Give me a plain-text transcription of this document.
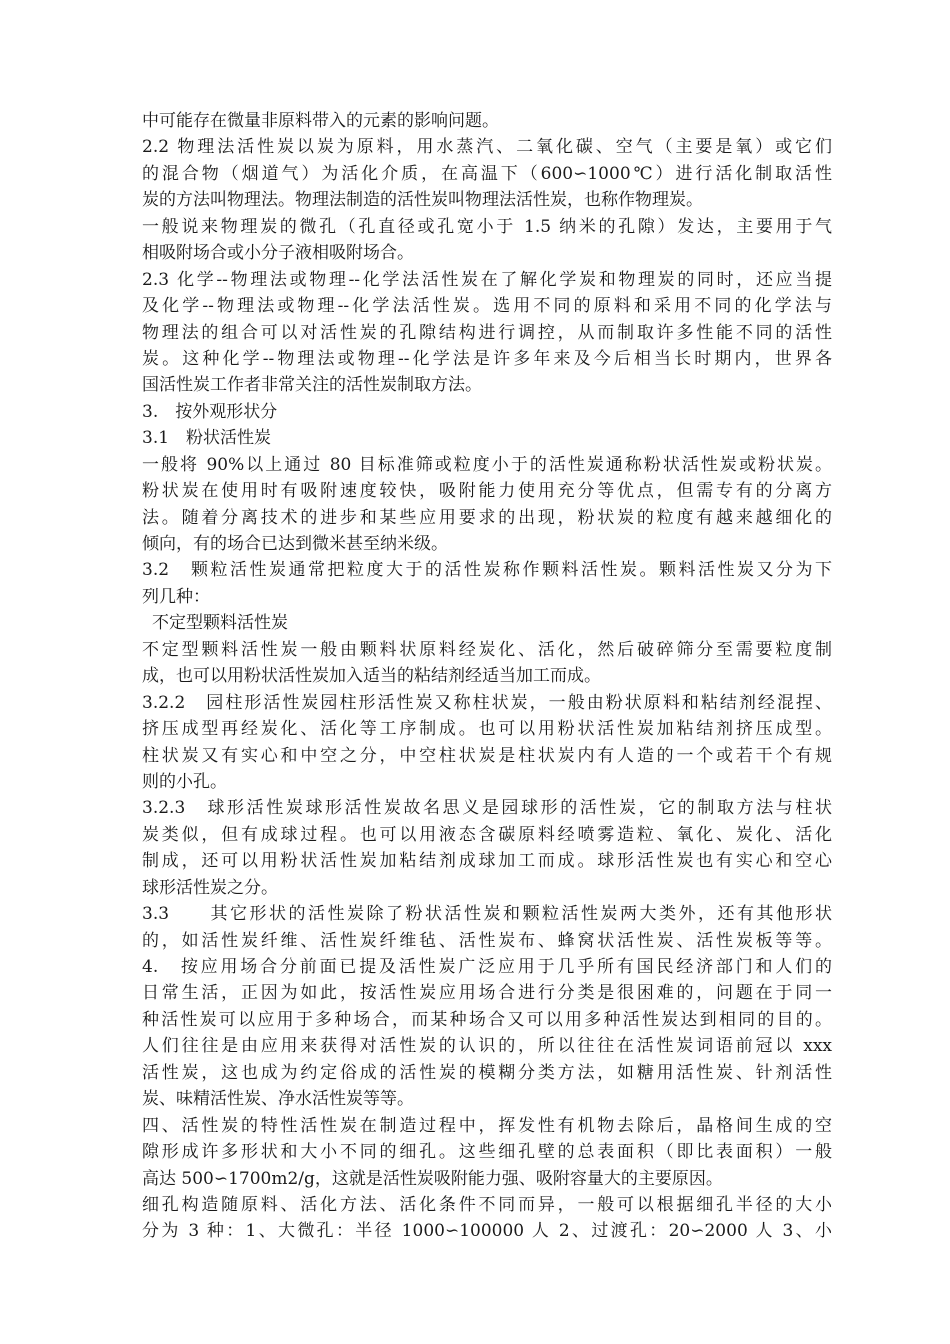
中可能存在微量非原料带入的元素的影响问题。
2.2 物理法活性炭以炭为原料，用水蒸汽、二氧化碳、空气（主要是氧）或它们
的混合物（烟道气）为活化介质，在高温下（600∽1000℃）进行活化制取活性
炭的方法叫物理法。物理法制造的活性炭叫物理法活性炭，也称作物理炭。
一般说来物理炭的微孔（孔直径或孔宽小于 1.5 纳米的孔隙）发达，主要用于气
相吸附场合或小分子液相吸附场合。
2.3 化学--物理法或物理--化学法活性炭在了解化学炭和物理炭的同时，还应当提
及化学--物理法或物理--化学法活性炭。选用不同的原料和采用不同的化学法与
物理法的组合可以对活性炭的孔隙结构进行调控，从而制取许多性能不同的活性
炭。这种化学--物理法或物理--化学法是许多年来及今后相当长时期内，世界各
国活性炭工作者非常关注的活性炭制取方法。
3.　按外观形状分
3.1　粉状活性炭
一般将 90%以上通过 80 目标准筛或粒度小于的活性炭通称粉状活性炭或粉状炭。
粉状炭在使用时有吸附速度较快，吸附能力使用充分等优点，但需专有的分离方
法。随着分离技术的进步和某些应用要求的出现，粉状炭的粒度有越来越细化的
倾向，有的场合已达到微米甚至纳米级。
3.2　颗粒活性炭通常把粒度大于的活性炭称作颗料活性炭。颗料活性炭又分为下
列几种：
不定型颗料活性炭
不定型颗料活性炭一般由颗料状原料经炭化、活化，然后破碎筛分至需要粒度制
成，也可以用粉状活性炭加入适当的粘结剂经适当加工而成。
3.2.2　园柱形活性炭园柱形活性炭又称柱状炭，一般由粉状原料和粘结剂经混捏、
挤压成型再经炭化、活化等工序制成。也可以用粉状活性炭加粘结剂挤压成型。
柱状炭又有实心和中空之分，中空柱状炭是柱状炭内有人造的一个或若干个有规
则的小孔。
3.2.3　球形活性炭球形活性炭故名思义是园球形的活性炭，它的制取方法与柱状
炭类似，但有成球过程。也可以用液态含碳原料经喷雾造粒、氧化、炭化、活化
制成，还可以用粉状活性炭加粘结剂成球加工而成。球形活性炭也有实心和空心
球形活性炭之分。
3.3　　其它形状的活性炭除了粉状活性炭和颗粒活性炭两大类外，还有其他形状
的，如活性炭纤维、活性炭纤维毡、活性炭布、蜂窝状活性炭、活性炭板等等。
4.　按应用场合分前面已提及活性炭广泛应用于几乎所有国民经济部门和人们的
日常生活，正因为如此，按活性炭应用场合进行分类是很困难的，问题在于同一
种活性炭可以应用于多种场合，而某种场合又可以用多种活性炭达到相同的目的。
人们往往是由应用来获得对活性炭的认识的，所以往往在活性炭词语前冠以 xxx
活性炭，这也成为约定俗成的活性炭的模糊分类方法，如糖用活性炭、针剂活性
炭、味精活性炭、净水活性炭等等。
四、活性炭的特性活性炭在制造过程中，挥发性有机物去除后，晶格间生成的空
隙形成许多形状和大小不同的细孔。这些细孔壁的总表面积（即比表面积）一般
高达 500∽1700m2/g，这就是活性炭吸附能力强、吸附容量大的主要原因。
细孔构造随原料、活化方法、活化条件不同而异，一般可以根据细孔半径的大小
分为 3 种：1、大微孔：半径 1000∽100000 人 2、过渡孔：20∽2000 人 3、小
